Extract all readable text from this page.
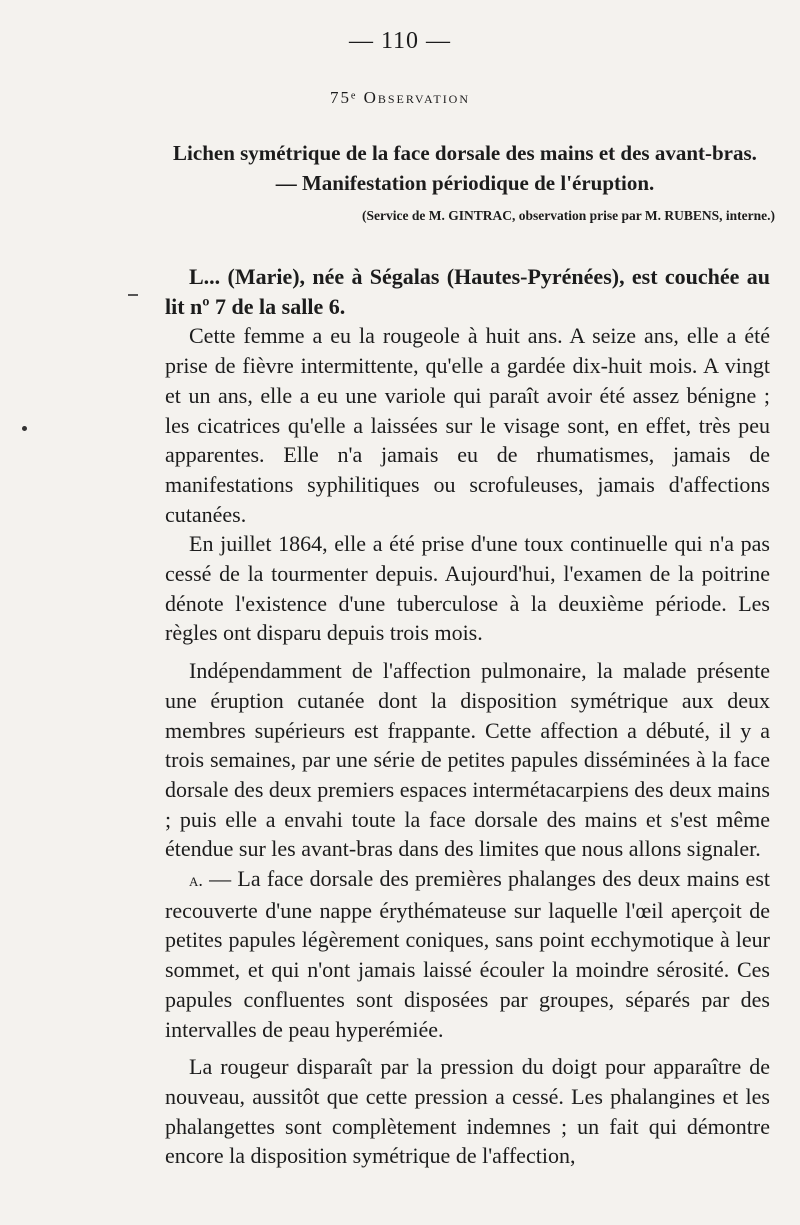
— 110 —
75ᵉ Observation
Lichen symétrique de la face dorsale des mains et des avant-bras.
— Manifestation périodique de l'éruption.
(Service de M. GINTRAC, observation prise par M. RUBENS, interne.)

L... (Marie), née à Ségalas (Hautes-Pyrénées), est couchée au lit nº 7 de la salle 6.

Cette femme a eu la rougeole à huit ans. A seize ans, elle a été prise de fièvre intermittente, qu'elle a gardée dix-huit mois. A vingt et un ans, elle a eu une variole qui paraît avoir été assez bénigne ; les cicatrices qu'elle a laissées sur le visage sont, en effet, très peu apparentes. Elle n'a jamais eu de rhumatismes, jamais de manifestations syphilitiques ou scrofuleuses, jamais d'affections cutanées.

En juillet 1864, elle a été prise d'une toux continuelle qui n'a pas cessé de la tourmenter depuis. Aujourd'hui, l'examen de la poitrine dénote l'existence d'une tuberculose à la deuxième période. Les règles ont disparu depuis trois mois.

Indépendamment de l'affection pulmonaire, la malade présente une éruption cutanée dont la disposition symétrique aux deux membres supérieurs est frappante. Cette affection a débuté, il y a trois semaines, par une série de petites papules disséminées à la face dorsale des deux premiers espaces intermétacarpiens des deux mains ; puis elle a envahi toute la face dorsale des mains et s'est même étendue sur les avant-bras dans des limites que nous allons signaler.

a. — La face dorsale des premières phalanges des deux mains est recouverte d'une nappe érythémateuse sur laquelle l'œil aperçoit de petites papules légèrement coniques, sans point ecchymotique à leur sommet, et qui n'ont jamais laissé écouler la moindre sérosité. Ces papules confluentes sont disposées par groupes, séparés par des intervalles de peau hyperémiée.

La rougeur disparaît par la pression du doigt pour apparaître de nouveau, aussitôt que cette pression a cessé. Les phalangines et les phalangettes sont complètement indemnes ; un fait qui démontre encore la disposition symétrique de l'affection,
